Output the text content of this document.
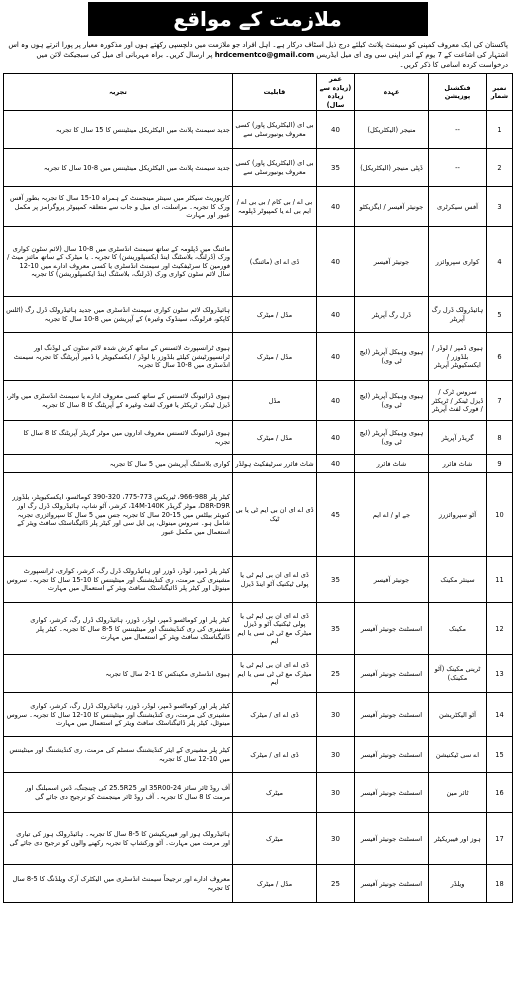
ملازمت کے مواقع
پاکستان کی ایک معروف کمپنی کو سیمنٹ پلانٹ کیلئے درج ذیل اسٹاف درکار ہے۔ اہل افراد جو ملازمت میں دلچسپی رکھتے ہوں اور مذکورہ معیار پر پورا اترتے ہوں وہ اس اشتہار کی اشاعت کے 7 یوم کے اندر اپنی سی وی ای میل ایڈریس hrdcementco@gmail.com پر ارسال کریں۔ براہ مہربانی ای میل کی سبجیکٹ لائن میں درخواست کردہ اسامی کا ذکر کریں۔
نمبر شمار	فنکشنل پوزیشن	عہدہ	عمر (زیادہ سے زیادہ سال)	قابلیت	تجربہ
1	--	منیجر (الیکٹریکل)	40	بی ای (الیکٹریکل پاور) کسی معروف یونیورسٹی سے	جدید سیمنٹ پلانٹ میں الیکٹریکل مینٹیننس کا 15 سال کا تجربہ
2	--	ڈپٹی منیجر (الیکٹریکل)	35	بی ای (الیکٹریکل پاور) کسی معروف یونیورسٹی سے	جدید سیمنٹ پلانٹ میں الیکٹریکل مینٹیننس میں 8-10 سال کا تجربہ
3	آفس سیکرٹری	جونیئر آفیسر / ایگزیکٹو	40	بی اے / بی کام / بی بی اے / ایم بی اے یا کمپیوٹر ڈپلومہ	کارپوریٹ سیکٹر میں سینئر مینجمنٹ کے ہمراہ 10-15 سال کا تجربہ بطور آفس ورک کا تجربہ۔ مراسلت، ای میل و جاب سے متعلقہ کمپیوٹر پروگرامز پر مکمل عبور اور مہارت
4	کواری سپروائزر	جونیئر آفیسر	40	ڈی اے ای (مائننگ)	مائننگ میں ڈپلومہ کے ساتھ سیمنٹ انڈسٹری میں 8-10 سال (لائم سٹون کواری ورک (ڈرلنگ، بلاسٹنگ اینڈ ایکسپلوریشن) کا تجربہ۔ یا میٹرک کے ساتھ مائنز میٹ / فورمین کا سرٹیفکیٹ اور سیمنٹ انڈسٹری یا کسی معروف ادارے میں 10-12 سال لائم سٹون کواری ورک (ڈرلنگ، بلاسٹنگ اینڈ ایکسپلوریشن) کا تجربہ
5	ہائیڈرولک ڈرل رگ آپریٹر	ڈرل رگ آپریٹر	40	مڈل / میٹرک	ہائیڈرولک لائم سٹون کواری سیمنٹ انڈسٹری میں جدید ہائیڈرولک ڈرل رگ (اٹلس کاپکو، فرلونگ، سینڈوک وغیرہ) کے آپریشن میں 8-10 سال کا تجربہ
6	ہیوی ڈمپر / لوڈر / بلڈوزر / ایکسکیویٹر آپریٹر	ہیوی وہیکل آپریٹر (ایچ ٹی وی)	40	مڈل / میٹرک	ہیوی ٹرانسپورٹ لائسنس کے ساتھ کرش شدہ لائم سٹون کی لوڈنگ اور ٹرانسپورٹیشن کیلئے بلڈوزر یا لوڈر / ایکسکیویٹر یا ڈمپر آپریٹنگ کا تجربہ سیمنٹ انڈسٹری میں 8-10 سال کا تجربہ
7	سروس ٹرک / ڈیزل ٹینکر / ٹریکٹر / فورک لفٹ آپریٹر	ہیوی وہیکل آپریٹر (ایچ ٹی وی)	40	مڈل	ہیوی ڈرائیونگ لائسنس کے ساتھ کسی معروف ادارے یا سیمنٹ انڈسٹری میں واٹر، ڈیزل ٹینکر، ٹریکٹر یا فورک لفٹ وغیرہ کے آپریٹنگ کا 8 سال کا تجربہ
8	گریڈر آپریٹر	ہیوی وہیکل آپریٹر (ایچ ٹی وی)	40	مڈل / میٹرک	ہیوی ڈرائیونگ لائسنس معروف اداروں میں موٹر گریڈر آپریٹنگ کا 8 سال کا تجربہ
9	شاٹ فائرر	شاٹ فائرر	40	شاٹ فائرر سرٹیفکیٹ ہولڈر	کواری بلاسٹنگ آپریشن میں 5 سال کا تجربہ
10	آٹو سپروائزرز	جے او / اے ایم	45	ڈی اے ای ان بی ایم ٹی یا بی ٹیک	کیٹر پلر 988-966، ٹیریکس 773-775، 320-390 کوماٹسو، ایکسکیویٹر، بلڈوزر D8R-D9R، موٹر گریڈر 14M-140K، کرشر، آٹو شاپ، ہائیڈرولک ڈرل رگ اور کنویئر بیلٹس میں 15-20 سال کا تجربہ جس میں 5 سال کا سپروائزری تجربہ شامل ہو۔ سروس مینوئل، پی ایل سی اور کیٹر پلر ڈائیگناسٹک سافٹ ویئر کے استعمال میں مکمل عبور
11	سینئر مکینک	جونیئر آفیسر	35	ڈی اے ای ان بی ایم ٹی یا پولی ٹیکنیک آٹو اینڈ ڈیزل	کیٹر پلر ڈمپر، لوڈر، ڈوزر اور ہائیڈرولک ڈرل رگ، کرشر، کواری، ٹرانسپورٹ مشینری کی مرمت، ری کنڈیشننگ اور مینٹیننس کا 10-15 سال کا تجربہ۔ سروس مینوئل اور کیٹر پلر ڈائیگناسٹک سافٹ ویئر کے استعمال میں مہارت
12	مکینک	اسسٹنٹ جونیئر آفیسر	35	ڈی اے ای ان بی ایم ٹی یا پولی ٹیکنیک آٹو و ڈیزل میٹرک مع ٹی ٹی سی یا ایم ایم	کیٹر پلر اور کوماٹسو ڈمپر، لوڈر، ڈوزر، ہائیڈرولک ڈرل رگ، کرشر، کواری مشینری کی ری کنڈیشننگ اور مینٹیننس کا 5-8 سال کا تجربہ۔ کیٹر پلر ڈائیگناسٹک سافٹ ویئر کے استعمال میں مہارت
13	ٹرینی مکینک (آٹو مکینک)	اسسٹنٹ جونیئر آفیسر	25	ڈی اے ای ان بی ایم ٹی یا میٹرک مع ٹی ٹی سی یا ایم ایم	ہیوی انڈسٹری مکینکس کا 1-2 سال کا تجربہ
14	آٹو الیکٹریشن	اسسٹنٹ جونیئر آفیسر	30	ڈی اے ای / میٹرک	کیٹر پلر اور کوماٹسو ڈمپر، لوڈر، ڈوزر، ہائیڈرولک ڈرل رگ، کرشر، کواری مشینری کی مرمت، ری کنڈیشننگ اور مینٹیننس کا 10-12 سال کا تجربہ۔ سروس مینوئل، کیٹر پلر ڈائیگناسٹک سافٹ ویئر کے استعمال میں مہارت
15	اے سی ٹیکنیشن	اسسٹنٹ جونیئر آفیسر	30	ڈی اے ای / میٹرک	کیٹر پلر مشینری کے ایئر کنڈیشننگ سسٹم کی مرمت، ری کنڈیشننگ اور مینٹیننس میں 10-12 سال کا تجربہ
16	ٹائر مین	اسسٹنٹ جونیئر آفیسر	30	میٹرک	آف روڈ ٹائر سائز 35R00-24 اور 25.5R25 کی چینجنگ، ڈس اسمبلنگ اور مرمت کا 8 سال کا تجربہ۔ آف روڈ ٹائر مینجمنٹ کو ترجیح دی جائے گی
17	ہوز اور فیبریکیٹر	اسسٹنٹ جونیئر آفیسر	30	میٹرک	ہائیڈرولک ہوز اور فیبریکیشن کا 5-8 سال کا تجربہ۔ ہائیڈرولک ہوز کی تیاری اور مرمت میں مہارت۔ آٹو ورکشاپ کا تجربہ رکھنے والوں کو ترجیح دی جائے گی
18	ویلڈر	اسسٹنٹ جونیئر آفیسر	25	مڈل / میٹرک	معروف ادارے اور ترجیحاً سیمنٹ انڈسٹری میں الیکٹرک آرک ویلڈنگ کا 5-8 سال کا تجربہ
